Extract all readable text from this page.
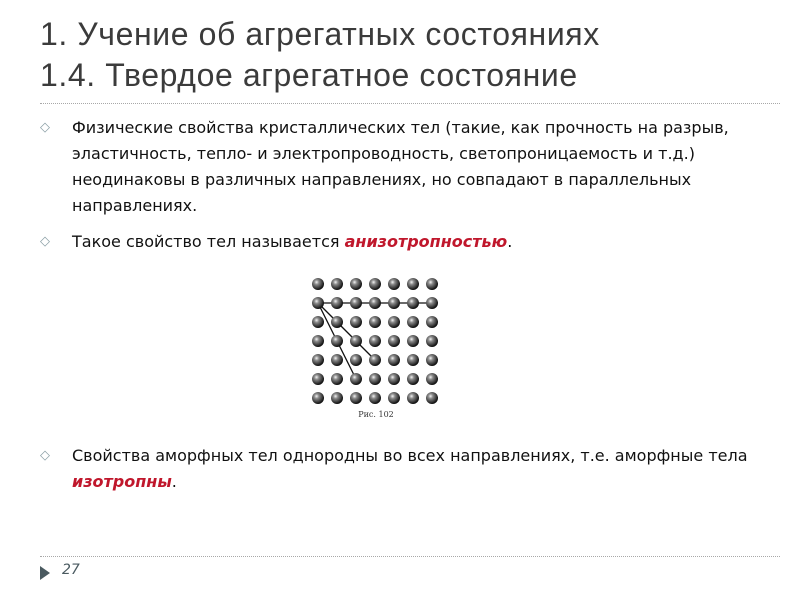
1. Учение об агрегатных состояниях
1.4. Твердое агрегатное состояние
◇ Физические свойства кристаллических тел (такие, как прочность на разрыв, эластичность, тепло- и электропроводность, светопроницаемость и т.д.) неодинаковы в различных направлениях, но совпадают в параллельных направлениях.
◇ Такое свойство тел называется анизотропностью.
Рис. 102
◇ Свойства аморфных тел однородны во всех направлениях, т.е. аморфные тела изотропны.
27
